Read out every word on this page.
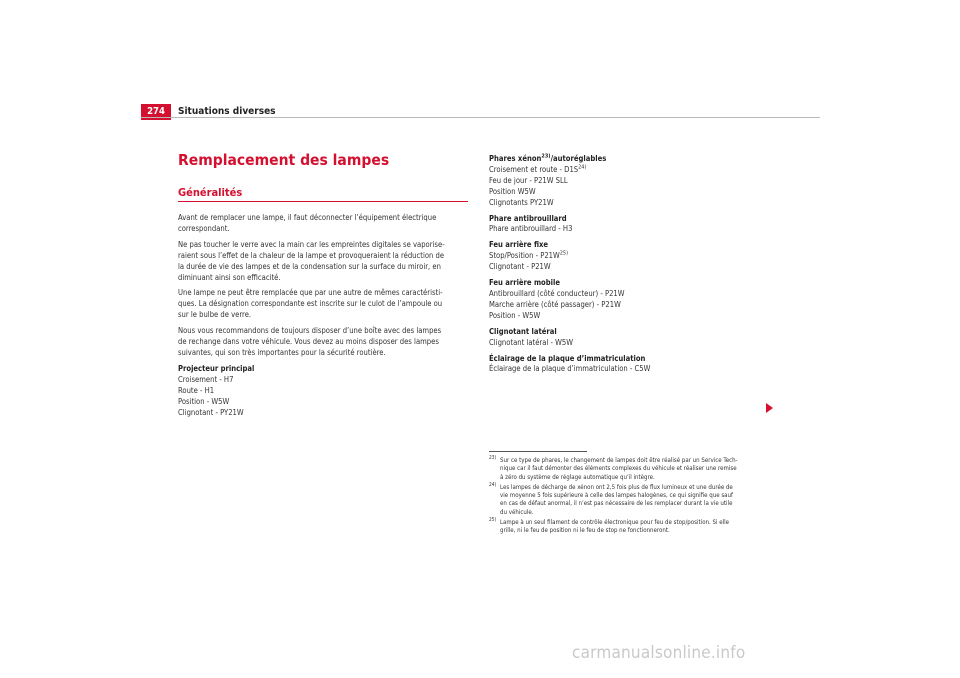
274	Situations diverses
Remplacement des lampes
Généralités

Avant de remplacer une lampe, il faut déconnecter l’équipement électrique

correspondant.

Ne pas toucher le verre avec la main car les empreintes digitales se vaporise-

raient sous l’effet de la chaleur de la lampe et provoqueraient la réduction de

la durée de vie des lampes et de la condensation sur la surface du miroir, en

diminuant ainsi son efficacité.

Une lampe ne peut être remplacée que par une autre de mêmes caractéristi-

ques. La désignation correspondante est inscrite sur le culot de l’ampoule ou

sur le bulbe de verre.

Nous vous recommandons de toujours disposer d’une boîte avec des lampes

de rechange dans votre véhicule. Vous devez au moins disposer des lampes

suivantes, qui son très importantes pour la sécurité routière.

Projecteur principal

Croisement - H7

Route - H1

Position - W5W

Clignotant - PY21W

Phares xénon$^{23)}$/autoréglables

Croisement et route - $D1S^{24)}$

Feu de jour - P21W SLL

Position W5W

Clignotants PY21W

Phare antibrouillard

Phare antibrouillard - H3

Feu arrière fixe

Stop/Position - $P21W^{25)}$

Clignotant - P21W

Feu arrière mobile

Antibrouillard (côté conducteur) - P21W

Marche arrière (côté passager) - P21W

Position - W5W

Clignotant latéral

Clignotant latéral - W5W

Éclairage de la plaque d’immatriculation

Éclairage de la plaque d’immatriculation - C5W

23) Sur ce type de phares, le changement de lampes doit être réalisé par un Service Tech-

nique car il faut démonter des éléments complexes du véhicule et réaliser une remise

à zéro du système de réglage automatique qu’il intègre.

24) Les lampes de décharge de xénon ont 2,5 fois plus de flux lumineux et une durée de

vie moyenne 5 fois supérieure à celle des lampes halogènes, ce qui signifie que sauf

en cas de défaut anormal, il n’est pas nécessaire de les remplacer durant la vie utile

du véhicule.

25) Lampe à un seul filament de contrôle électronique pour feu de stop/position. Si elle

grille, ni le feu de position ni le feu de stop ne fonctionneront.

carmanualsonline.info
